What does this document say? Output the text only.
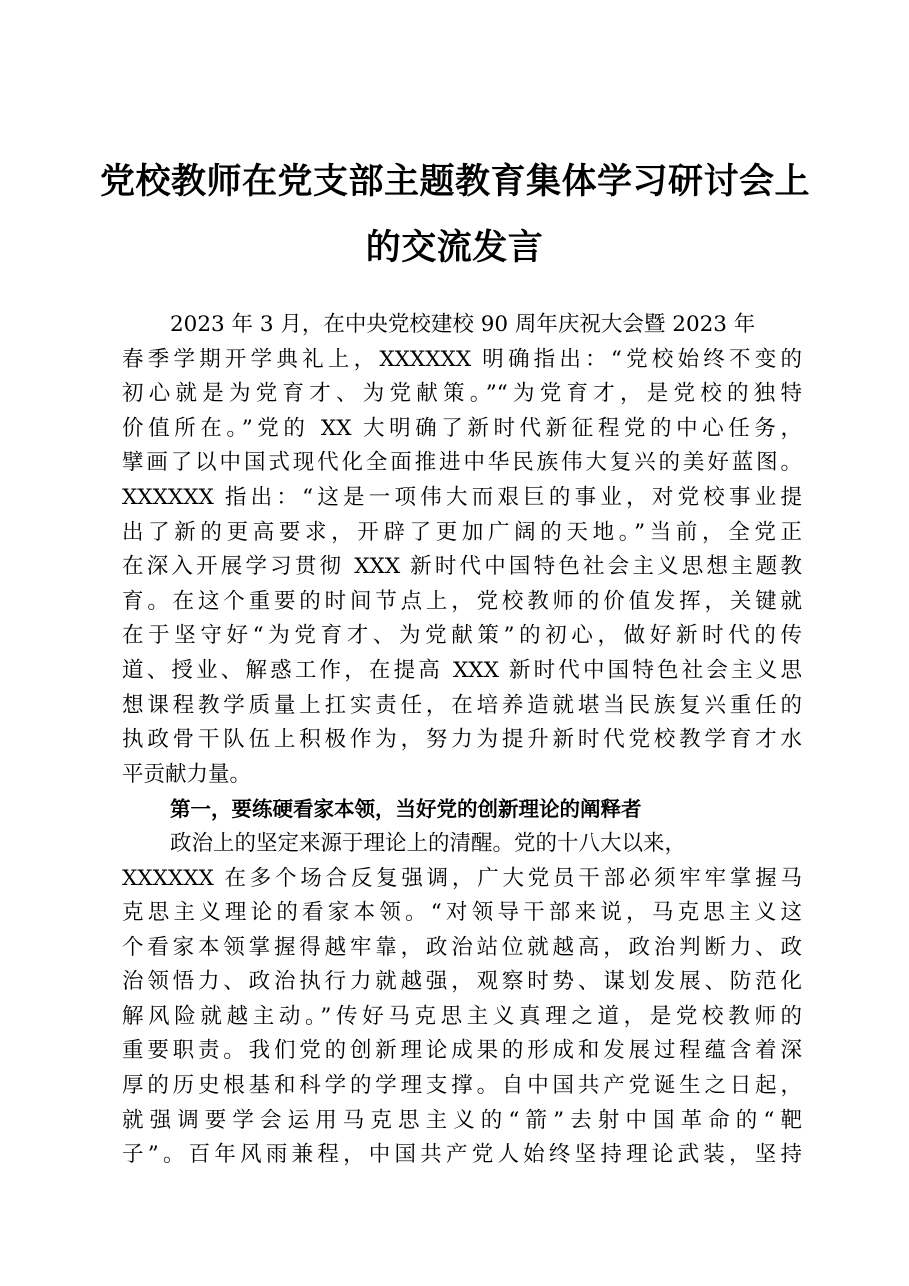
党校教师在党支部主题教育集体学习研讨会上
的交流发言
2023 年 3 月，在中央党校建校 90 周年庆祝大会暨 2023 年
春季学期开学典礼上，XXXXXX 明确指出：“党校始终不变的
初心就是为党育才、为党献策。”“为党育才，是党校的独特
价值所在。”党的 XX 大明确了新时代新征程党的中心任务，
擘画了以中国式现代化全面推进中华民族伟大复兴的美好蓝图。
XXXXXX 指出：“这是一项伟大而艰巨的事业，对党校事业提
出了新的更高要求，开辟了更加广阔的天地。”当前，全党正
在深入开展学习贯彻 XXX 新时代中国特色社会主义思想主题教
育。在这个重要的时间节点上，党校教师的价值发挥，关键就
在于坚守好“为党育才、为党献策”的初心，做好新时代的传
道、授业、解惑工作，在提高 XXX 新时代中国特色社会主义思
想课程教学质量上扛实责任，在培养造就堪当民族复兴重任的
执政骨干队伍上积极作为，努力为提升新时代党校教学育才水
平贡献力量。
第一，要练硬看家本领，当好党的创新理论的阐释者
政治上的坚定来源于理论上的清醒。党的十八大以来，
XXXXXX 在多个场合反复强调，广大党员干部必须牢牢掌握马
克思主义理论的看家本领。“对领导干部来说，马克思主义这
个看家本领掌握得越牢靠，政治站位就越高，政治判断力、政
治领悟力、政治执行力就越强，观察时势、谋划发展、防范化
解风险就越主动。”传好马克思主义真理之道，是党校教师的
重要职责。我们党的创新理论成果的形成和发展过程蕴含着深
厚的历史根基和科学的学理支撑。自中国共产党诞生之日起，
就强调要学会运用马克思主义的“箭”去射中国革命的“靶
子”。百年风雨兼程，中国共产党人始终坚持理论武装，坚持
